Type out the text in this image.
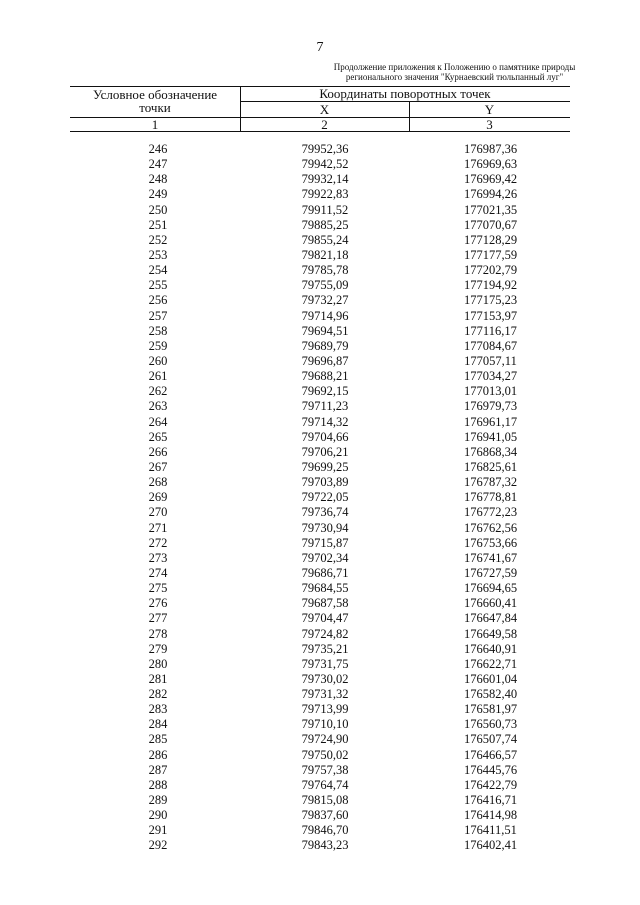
7
Продолжение приложения к Положению о памятнике природы
регионального значения "Курнаевский тюльпанный луг"
Условное обозначение
точки
Координаты поворотных точек
X	Y
1	2	3
246	79952,36	176987,36
247	79942,52	176969,63
248	79932,14	176969,42
249	79922,83	176994,26
250	79911,52	177021,35
251	79885,25	177070,67
252	79855,24	177128,29
253	79821,18	177177,59
254	79785,78	177202,79
255	79755,09	177194,92
256	79732,27	177175,23
257	79714,96	177153,97
258	79694,51	177116,17
259	79689,79	177084,67
260	79696,87	177057,11
261	79688,21	177034,27
262	79692,15	177013,01
263	79711,23	176979,73
264	79714,32	176961,17
265	79704,66	176941,05
266	79706,21	176868,34
267	79699,25	176825,61
268	79703,89	176787,32
269	79722,05	176778,81
270	79736,74	176772,23
271	79730,94	176762,56
272	79715,87	176753,66
273	79702,34	176741,67
274	79686,71	176727,59
275	79684,55	176694,65
276	79687,58	176660,41
277	79704,47	176647,84
278	79724,82	176649,58
279	79735,21	176640,91
280	79731,75	176622,71
281	79730,02	176601,04
282	79731,32	176582,40
283	79713,99	176581,97
284	79710,10	176560,73
285	79724,90	176507,74
286	79750,02	176466,57
287	79757,38	176445,76
288	79764,74	176422,79
289	79815,08	176416,71
290	79837,60	176414,98
291	79846,70	176411,51
292	79843,23	176402,41
